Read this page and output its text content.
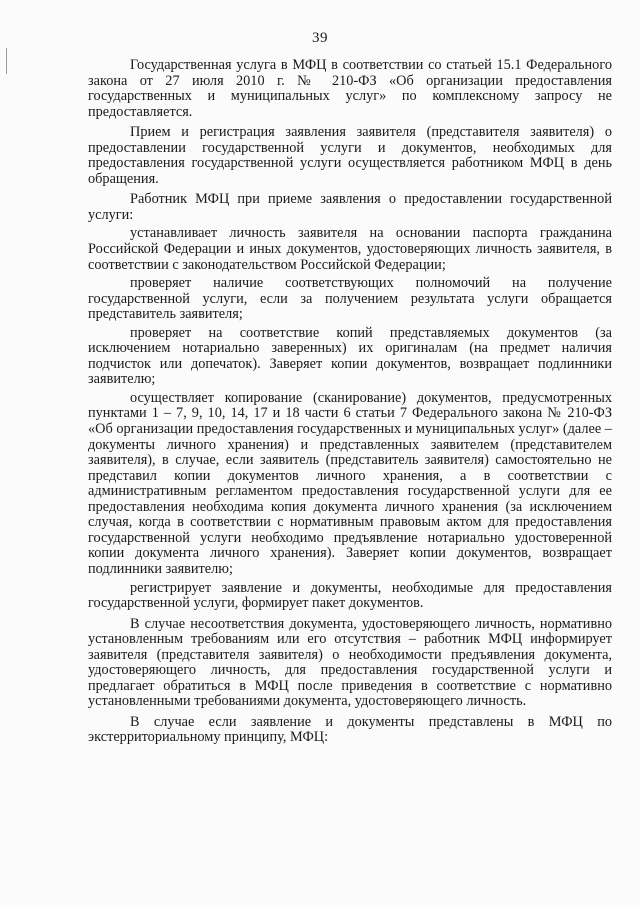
39

Государственная услуга в МФЦ в соответствии со статьей 15.1 Федерального закона от 27 июля 2010 г. № 210-ФЗ «Об организации предоставления государственных и муниципальных услуг» по комплексному запросу не предоставляется.

Прием и регистрация заявления заявителя (представителя заявителя) о предоставлении государственной услуги и документов, необходимых для предоставления государственной услуги осуществляется работником МФЦ в день обращения.

Работник МФЦ при приеме заявления о предоставлении государственной услуги:

устанавливает личность заявителя на основании паспорта гражданина Российской Федерации и иных документов, удостоверяющих личность заявителя, в соответствии с законодательством Российской Федерации;

проверяет наличие соответствующих полномочий на получение государственной услуги, если за получением результата услуги обращается представитель заявителя;

проверяет на соответствие копий представляемых документов (за исключением нотариально заверенных) их оригиналам (на предмет наличия подчисток или допечаток). Заверяет копии документов, возвращает подлинники заявителю;

осуществляет копирование (сканирование) документов, предусмотренных пунктами 1 – 7, 9, 10, 14, 17 и 18 части 6 статьи 7 Федерального закона № 210-ФЗ «Об организации предоставления государственных и муниципальных услуг» (далее – документы личного хранения) и представленных заявителем (представителем заявителя), в случае, если заявитель (представитель заявителя) самостоятельно не представил копии документов личного хранения, а в соответствии с административным регламентом предоставления государственной услуги для ее предоставления необходима копия документа личного хранения (за исключением случая, когда в соответствии с нормативным правовым актом для предоставления государственной услуги необходимо предъявление нотариально удостоверенной копии документа личного хранения). Заверяет копии документов, возвращает подлинники заявителю;

регистрирует заявление и документы, необходимые для предоставления государственной услуги, формирует пакет документов.

В случае несоответствия документа, удостоверяющего личность, нормативно установленным требованиям или его отсутствия – работник МФЦ информирует заявителя (представителя заявителя) о необходимости предъявления документа, удостоверяющего личность, для предоставления государственной услуги и предлагает обратиться в МФЦ после приведения в соответствие с нормативно установленными требованиями документа, удостоверяющего личность.

В случае если заявление и документы представлены в МФЦ по экстерриториальному принципу, МФЦ:
